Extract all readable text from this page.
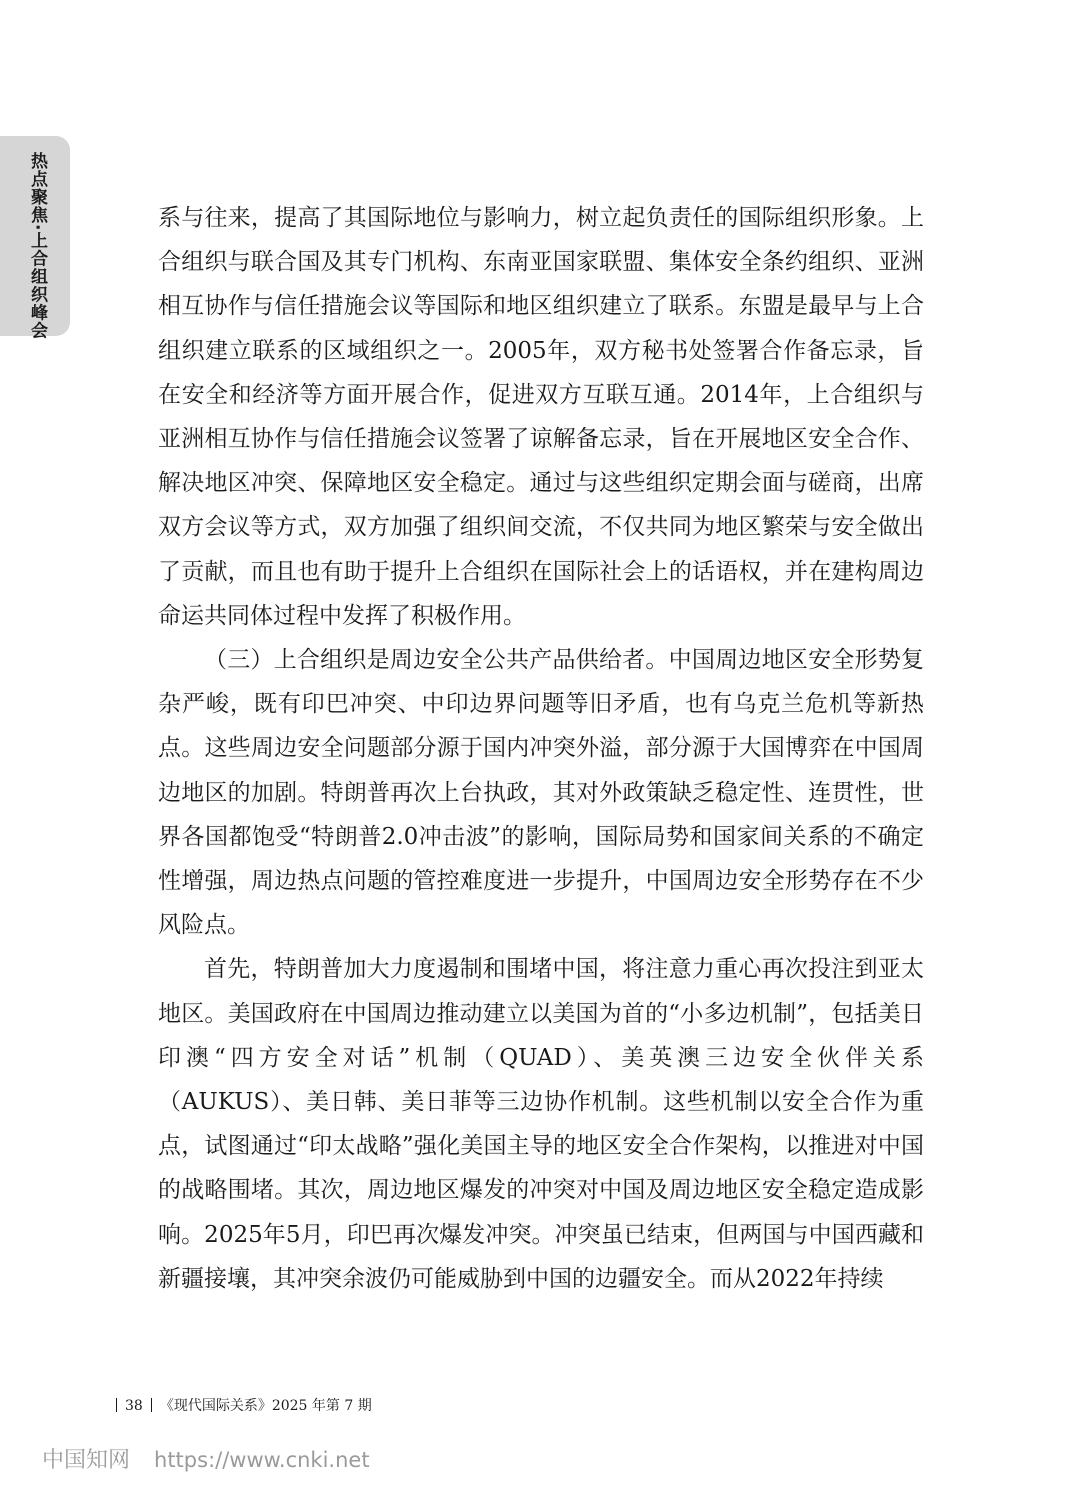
热点聚焦·上合组织峰会	系与往来，提高了其国际地位与影响力，树立起负责任的国际组织形象。上合组织与联合国及其专门机构、东南亚国家联盟、集体安全条约组织、亚洲相互协作与信任措施会议等国际和地区组织建立了联系。东盟是最早与上合组织建立联系的区域组织之一。2005年，双方秘书处签署合作备忘录，旨在安全和经济等方面开展合作，促进双方互联互通。2014年，上合组织与亚洲相互协作与信任措施会议签署了谅解备忘录，旨在开展地区安全合作、解决地区冲突、保障地区安全稳定。通过与这些组织定期会面与磋商，出席双方会议等方式，双方加强了组织间交流，不仅共同为地区繁荣与安全做出了贡献，而且也有助于提升上合组织在国际社会上的话语权，并在建构周边命运共同体过程中发挥了积极作用。

（三）上合组织是周边安全公共产品供给者。中国周边地区安全形势复杂严峻，既有印巴冲突、中印边界问题等旧矛盾，也有乌克兰危机等新热点。这些周边安全问题部分源于国内冲突外溢，部分源于大国博弈在中国周边地区的加剧。特朗普再次上台执政，其对外政策缺乏稳定性、连贯性，世界各国都饱受“特朗普2.0冲击波”的影响，国际局势和国家间关系的不确定性增强，周边热点问题的管控难度进一步提升，中国周边安全形势存在不少风险点。

首先，特朗普加大力度遏制和围堵中国，将注意力重心再次投注到亚太地区。美国政府在中国周边推动建立以美国为首的“小多边机制”，包括美日印澳“四方安全对话”机制（QUAD）、美英澳三边安全伙伴关系（AUKUS）、美日韩、美日菲等三边协作机制。这些机制以安全合作为重点，试图通过“印太战略”强化美国主导的地区安全合作架构，以推进对中国的战略围堵。其次，周边地区爆发的冲突对中国及周边地区安全稳定造成影响。2025年5月，印巴再次爆发冲突。冲突虽已结束，但两国与中国西藏和新疆接壤，其冲突余波仍可能威胁到中国的边疆安全。而从2022年持续

38 《现代国际关系》2025 年第 7 期
中国知网 https://www.cnki.net
